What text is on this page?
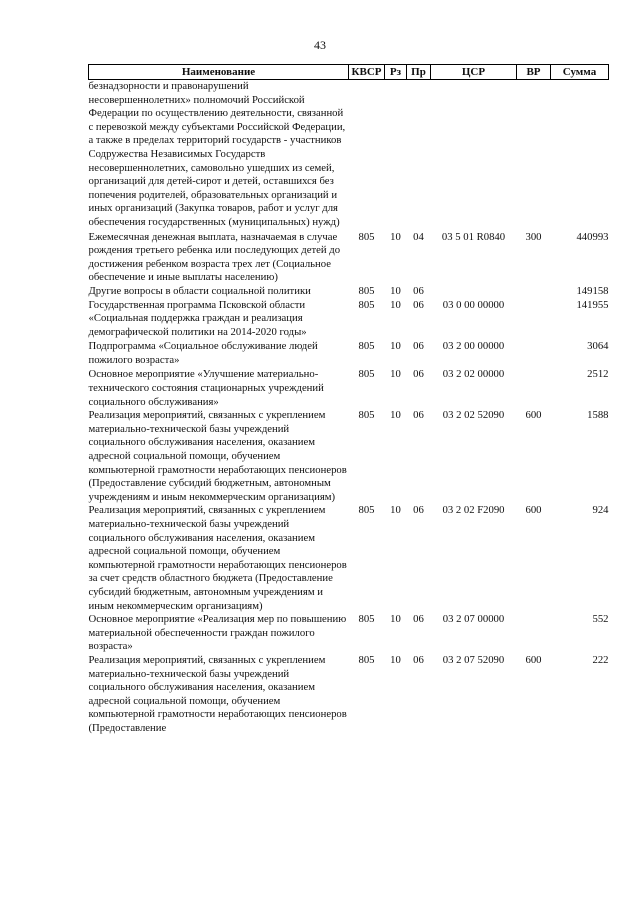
43
Наименование	КВСР	Рз	Пр	ЦСР	ВР	Сумма
безнадзорности и правонарушений несовершеннолетних» полномочий Российской Федерации по осуществлению деятельности, связанной с перевозкой между субъектами Российской Федерации, а также в пределах территорий государств - участников Содружества Независимых Государств несовершеннолетних, самовольно ушедших из семей, организаций для детей-сирот и детей, оставшихся без попечения родителей, образовательных организаций и иных организаций (Закупка товаров, работ и услуг для обеспечения государственных (муниципальных) нужд)						
Ежемесячная денежная выплата, назначаемая в случае рождения третьего ребенка или последующих детей до достижения ребенком возраста трех лет (Социальное обеспечение и иные выплаты населению)	805	10	04	03 5 01 R0840	300	440993
Другие вопросы в области социальной политики	805	10	06			149158
Государственная программа Псковской области «Социальная поддержка граждан и реализация демографической политики на 2014-2020 годы»	805	10	06	03 0 00 00000		141955
Подпрограмма «Социальное обслуживание людей пожилого возраста»	805	10	06	03 2 00 00000		3064
Основное мероприятие «Улучшение материально-технического состояния стационарных учреждений социального обслуживания»	805	10	06	03 2 02 00000		2512
Реализация мероприятий, связанных с укреплением материально-технической базы учреждений социального обслуживания населения, оказанием адресной социальной помощи, обучением компьютерной грамотности неработающих пенсионеров (Предоставление субсидий бюджетным, автономным учреждениям и иным некоммерческим организациям)	805	10	06	03 2 02 52090	600	1588
Реализация мероприятий, связанных с укреплением материально-технической базы учреждений социального обслуживания населения, оказанием адресной социальной помощи, обучением компьютерной грамотности неработающих пенсионеров за счет средств областного бюджета (Предоставление субсидий бюджетным, автономным учреждениям и иным некоммерческим организациям)	805	10	06	03 2 02 F2090	600	924
Основное мероприятие «Реализация мер по повышению материальной обеспеченности граждан пожилого возраста»	805	10	06	03 2 07 00000		552
Реализация мероприятий, связанных с укреплением материально-технической базы учреждений социального обслуживания населения, оказанием адресной социальной помощи, обучением компьютерной грамотности неработающих пенсионеров (Предоставление	805	10	06	03 2 07 52090	600	222
